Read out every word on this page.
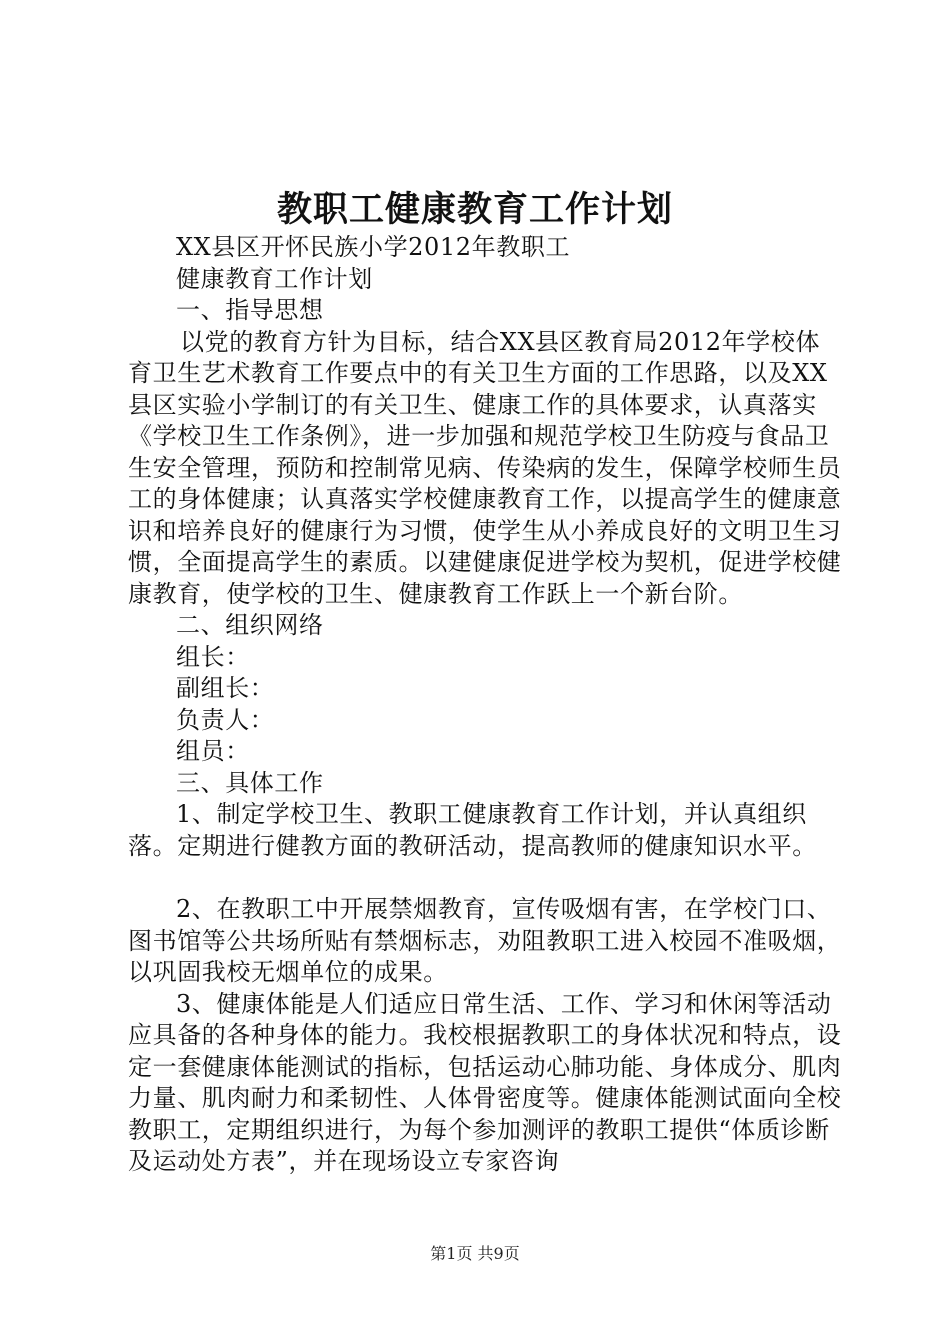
教职工健康教育工作计划

XX县区开怀民族小学2012年教职工

健康教育工作计划

一、指导思想

以党的教育方针为目标，结合XX县区教育局2012年学校体育卫生艺术教育工作要点中的有关卫生方面的工作思路，以及XX县区实验小学制订的有关卫生、健康工作的具体要求，认真落实《学校卫生工作条例》，进一步加强和规范学校卫生防疫与食品卫生安全管理，预防和控制常见病、传染病的发生，保障学校师生员工的身体健康；认真落实学校健康教育工作，以提高学生的健康意识和培养良好的健康行为习惯，使学生从小养成良好的文明卫生习惯，全面提高学生的素质。以建健康促进学校为契机，促进学校健康教育，使学校的卫生、健康教育工作跃上一个新台阶。

二、组织网络

组长：

副组长：

负责人：

组员：

三、具体工作

1、制定学校卫生、教职工健康教育工作计划，并认真组织落。定期进行健教方面的教研活动，提高教师的健康知识水平。

2、在教职工中开展禁烟教育，宣传吸烟有害，在学校门口、图书馆等公共场所贴有禁烟标志，劝阻教职工进入校园不准吸烟，以巩固我校无烟单位的成果。

3、健康体能是人们适应日常生活、工作、学习和休闲等活动应具备的各种身体的能力。我校根据教职工的身体状况和特点，设定一套健康体能测试的指标，包括运动心肺功能、身体成分、肌肉力量、肌肉耐力和柔韧性、人体骨密度等。健康体能测试面向全校教职工，定期组织进行，为每个参加测评的教职工提供“体质诊断及运动处方表”，并在现场设立专家咨询

第1页 共9页
